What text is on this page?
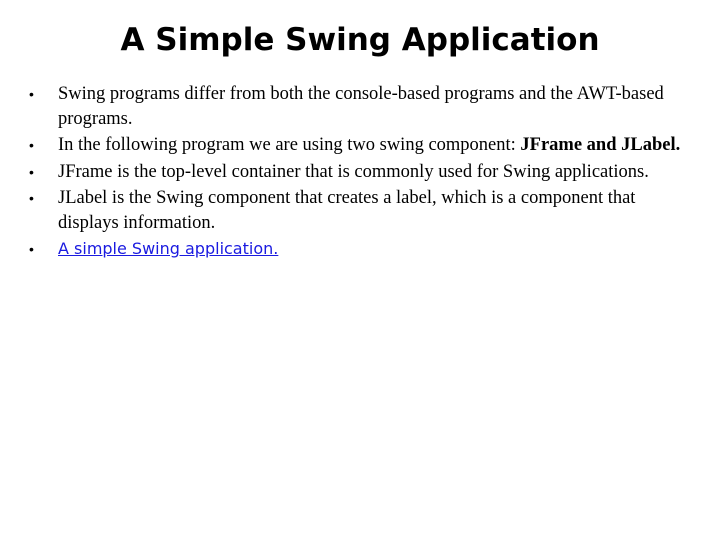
A Simple Swing Application
•	Swing programs differ from both the console-based programs and the AWT-based programs.
•	In the following program we are using two swing component: JFrame and JLabel.
•	JFrame is the top-level container that is commonly used for Swing applications.
•	JLabel is the Swing component that creates a label, which is a component that displays information.
•	A simple Swing application.
